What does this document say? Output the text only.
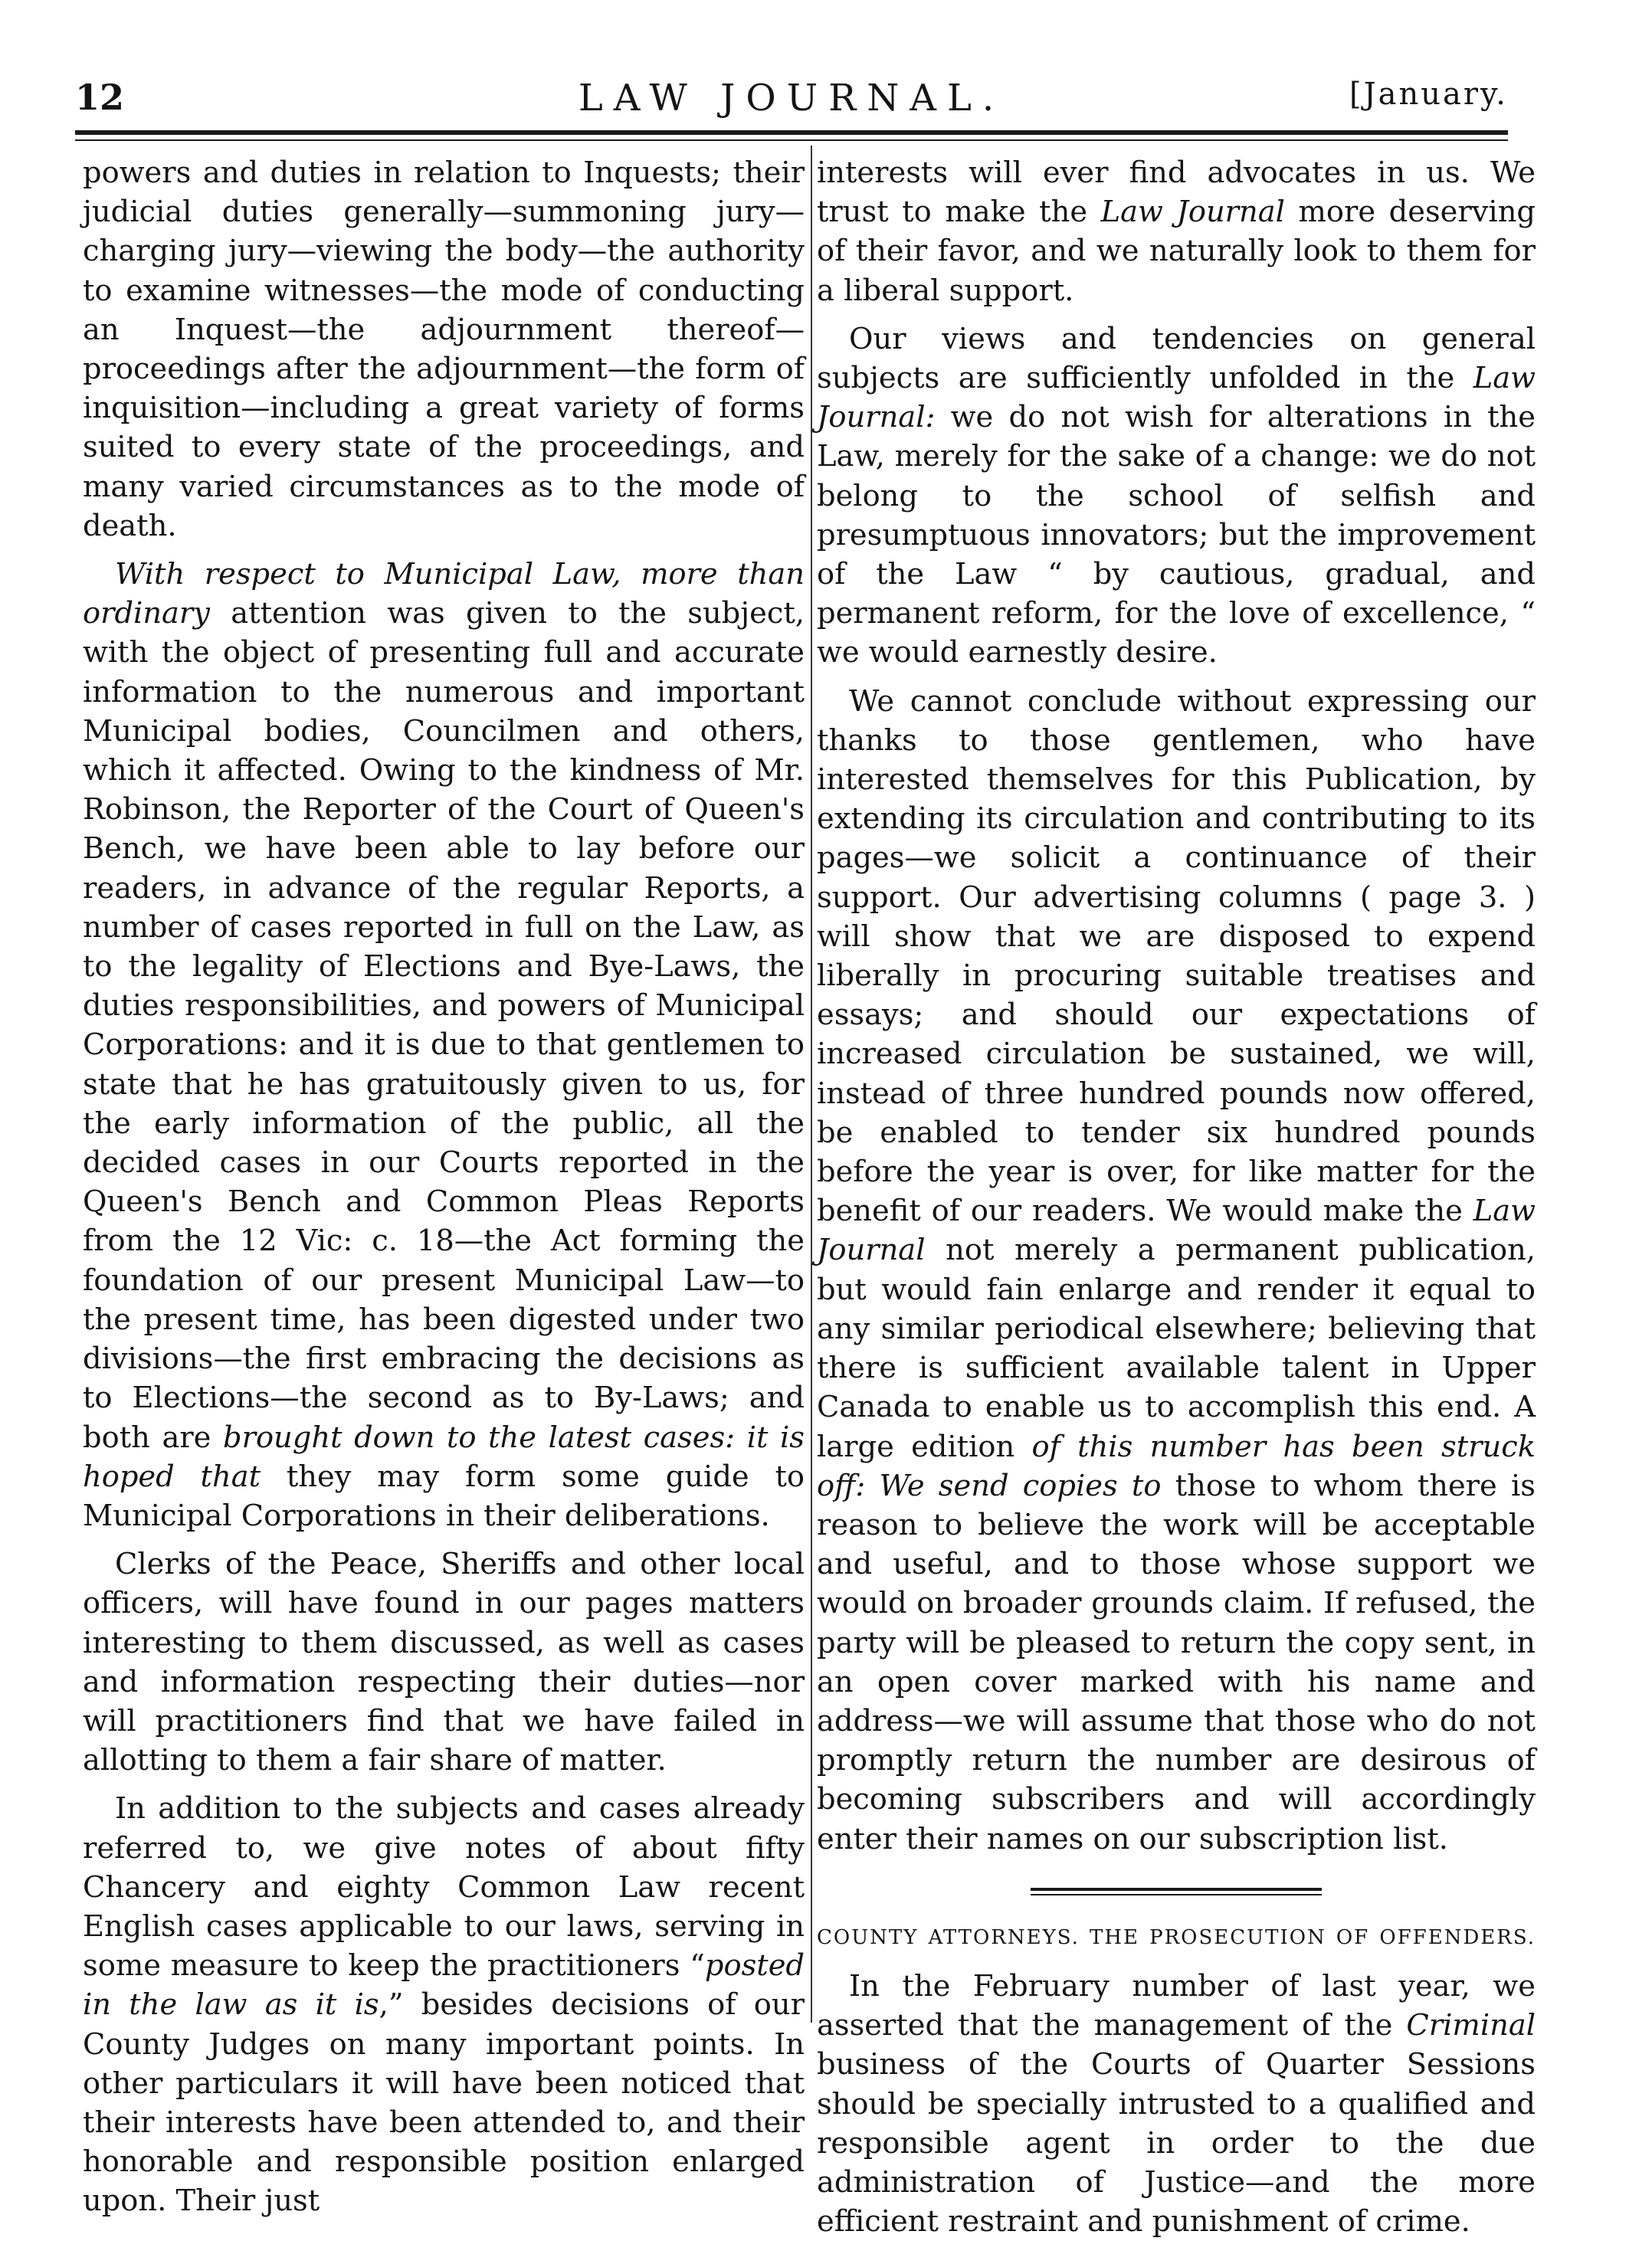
12	LAW JOURNAL.	[January.

powers and duties in relation to Inquests; their judicial duties generally—summoning jury—charging jury—viewing the body—the authority to examine witnesses—the mode of conducting an Inquest—the adjournment thereof—proceedings after the adjournment—the form of inquisition—including a great variety of forms suited to every state of the proceedings, and many varied circumstances as to the mode of death.

With respect to Municipal Law, more than ordinary attention was given to the subject, with the object of presenting full and accurate information to the numerous and important Municipal bodies, Councilmen and others, which it affected. Owing to the kindness of Mr. Robinson, the Reporter of the Court of Queen's Bench, we have been able to lay before our readers, in advance of the regular Reports, a number of cases reported in full on the Law, as to the legality of Elections and Bye-Laws, the duties responsibilities, and powers of Municipal Corporations: and it is due to that gentlemen to state that he has gratuitously given to us, for the early information of the public, all the decided cases in our Courts reported in the Queen's Bench and Common Pleas Reports from the 12 Vic: c. 18—the Act forming the foundation of our present Municipal Law—to the present time, has been digested under two divisions—the first embracing the decisions as to Elections—the second as to By-Laws; and both are brought down to the latest cases: it is hoped that they may form some guide to Municipal Corporations in their deliberations.

Clerks of the Peace, Sheriffs and other local officers, will have found in our pages matters interesting to them discussed, as well as cases and information respecting their duties—nor will practitioners find that we have failed in allotting to them a fair share of matter.

In addition to the subjects and cases already referred to, we give notes of about fifty Chancery and eighty Common Law recent English cases applicable to our laws, serving in some measure to keep the practitioners “posted in the law as it is,” besides decisions of our County Judges on many important points. In other particulars it will have been noticed that their interests have been attended to, and their honorable and responsible position enlarged upon. Their just

interests will ever find advocates in us. We trust to make the Law Journal more deserving of their favor, and we naturally look to them for a liberal support.

Our views and tendencies on general subjects are sufficiently unfolded in the Law Journal: we do not wish for alterations in the Law, merely for the sake of a change: we do not belong to the school of selfish and presumptuous innovators; but the improvement of the Law “ by cautious, gradual, and permanent reform, for the love of excellence, “ we would earnestly desire.

We cannot conclude without expressing our thanks to those gentlemen, who have interested themselves for this Publication, by extending its circulation and contributing to its pages—we solicit a continuance of their support. Our advertising columns ( page 3. ) will show that we are disposed to expend liberally in procuring suitable treatises and essays; and should our expectations of increased circulation be sustained, we will, instead of three hundred pounds now offered, be enabled to tender six hundred pounds before the year is over, for like matter for the benefit of our readers. We would make the Law Journal not merely a permanent publication, but would fain enlarge and render it equal to any similar periodical elsewhere; believing that there is sufficient available talent in Upper Canada to enable us to accomplish this end. A large edition of this number has been struck off: We send copies to those to whom there is reason to believe the work will be acceptable and useful, and to those whose support we would on broader grounds claim. If refused, the party will be pleased to return the copy sent, in an open cover marked with his name and address—we will assume that those who do not promptly return the number are desirous of becoming subscribers and will accordingly enter their names on our subscription list.

COUNTY ATTORNEYS. THE PROSECUTION OF OFFENDERS.

In the February number of last year, we asserted that the management of the Criminal business of the Courts of Quarter Sessions should be specially intrusted to a qualified and responsible agent in order to the due administration of Justice—and the more efficient restraint and punishment of crime.
